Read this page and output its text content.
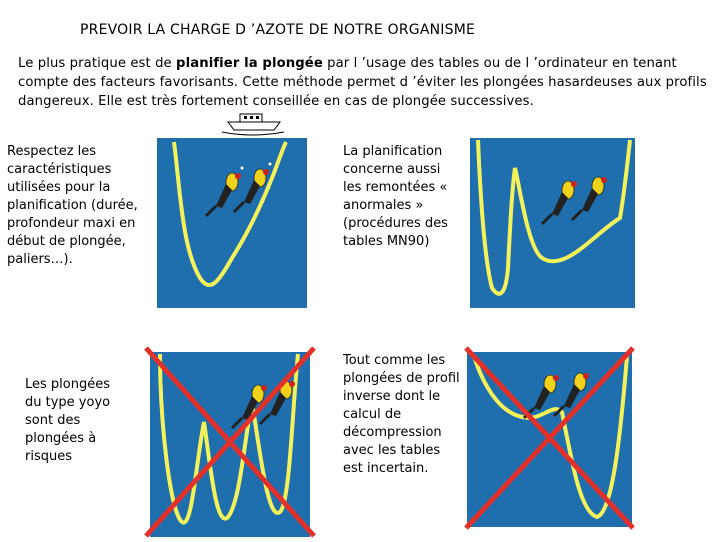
PREVOIR LA CHARGE D ’AZOTE DE NOTRE ORGANISME
Le plus pratique est de planifier la plongée par l ’usage des tables ou de l ’ordinateur en tenant compte des facteurs favorisants. Cette méthode permet d ’éviter les plongées hasardeuses aux profils dangereux. Elle est très fortement conseillée en cas de plongée successives.
Respectez les caractéristiques utilisées pour la planification (durée, profondeur maxi en début de plongée, paliers…).
La planification concerne aussi les remontées « anormales » (procédures des tables MN90)
Les plongées du type yoyo sont des plongées à risques
Tout comme les plongées de profil inverse dont le calcul de décompression avec les tables est incertain.
